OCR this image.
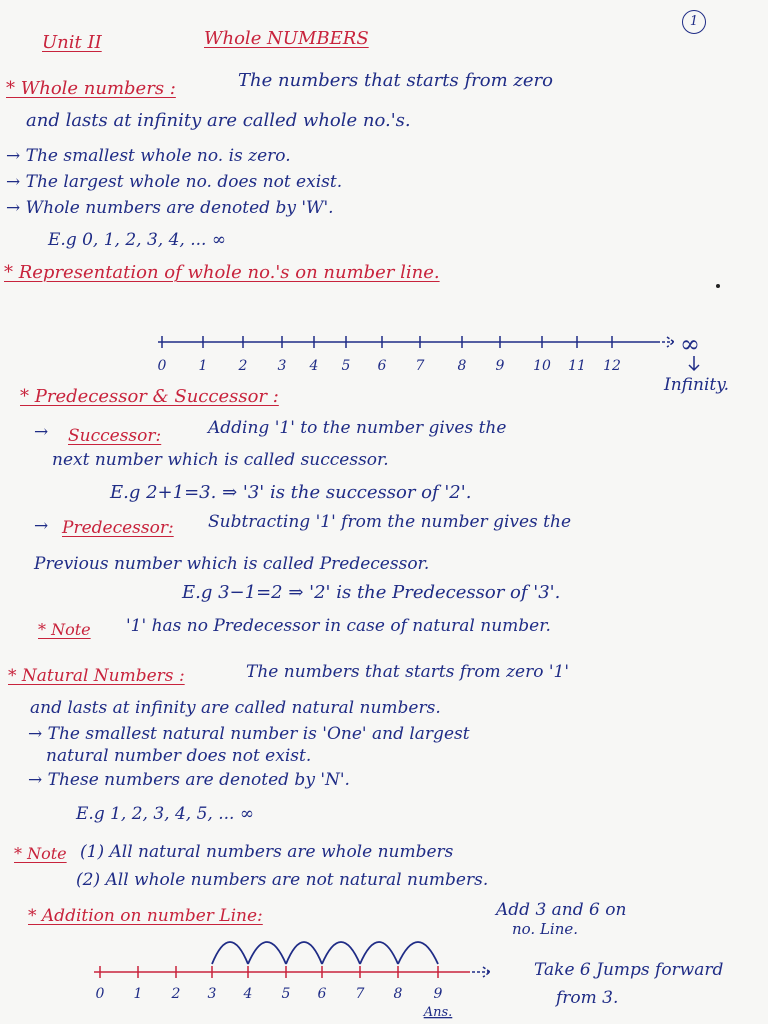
Unit II	Whole NUMBERS
1
* Whole numbers :	The numbers that starts from zero
and lasts at infinity are called whole no.'s.
→ The smallest whole no. is zero.
→ The largest whole no. does not exist.
→ Whole numbers are denoted by 'W'.
E.g 0, 1, 2, 3, 4, ... ∞
* Representation of whole no.'s on number line.
0 1 2 3 4 5 6 7 8 9 10 11 12
∞
Infinity.
* Predecessor & Successor :
→ Successor:	Adding '1' to the number gives the
next number which is called successor.
E.g 2+1=3. ⇒ '3' is the successor of '2'.
→ Predecessor: Subtracting '1' from the number gives the
Previous number which is called Predecessor.
E.g 3−1=2 ⇒ '2' is the Predecessor of '3'.
* Note '1' has no Predecessor in case of natural number.
* Natural Numbers :	The numbers that starts from zero '1'
and lasts at infinity are called natural numbers.
→ The smallest natural number is 'One' and largest
natural number does not exist.
→ These numbers are denoted by 'N'.
E.g 1, 2, 3, 4, 5, ... ∞
* Note (1) All natural numbers are whole numbers
(2) All whole numbers are not natural numbers.
* Addition on number Line:	Add 3 and 6 on
no. Line.
0 1 2 3 4 5 6 7 8 9
Ans.
Take 6 Jumps forward
from 3.
